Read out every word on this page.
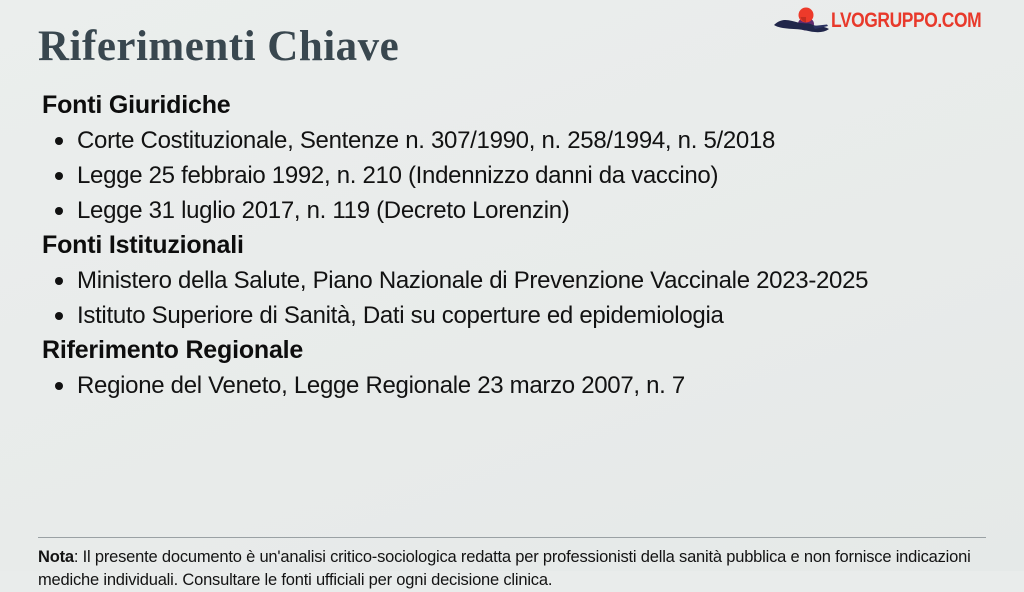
LVOGRUPPO.COM
Riferimenti Chiave
Fonti Giuridiche
Corte Costituzionale, Sentenze n. 307/1990, n. 258/1994, n. 5/2018
Legge 25 febbraio 1992, n. 210 (Indennizzo danni da vaccino)
Legge 31 luglio 2017, n. 119 (Decreto Lorenzin)
Fonti Istituzionali
Ministero della Salute, Piano Nazionale di Prevenzione Vaccinale 2023-2025
Istituto Superiore di Sanità, Dati su coperture ed epidemiologia
Riferimento Regionale
Regione del Veneto, Legge Regionale 23 marzo 2007, n. 7
Nota: Il presente documento è un'analisi critico-sociologica redatta per professionisti della sanità pubblica e non fornisce indicazioni
mediche individuali. Consultare le fonti ufficiali per ogni decisione clinica.
